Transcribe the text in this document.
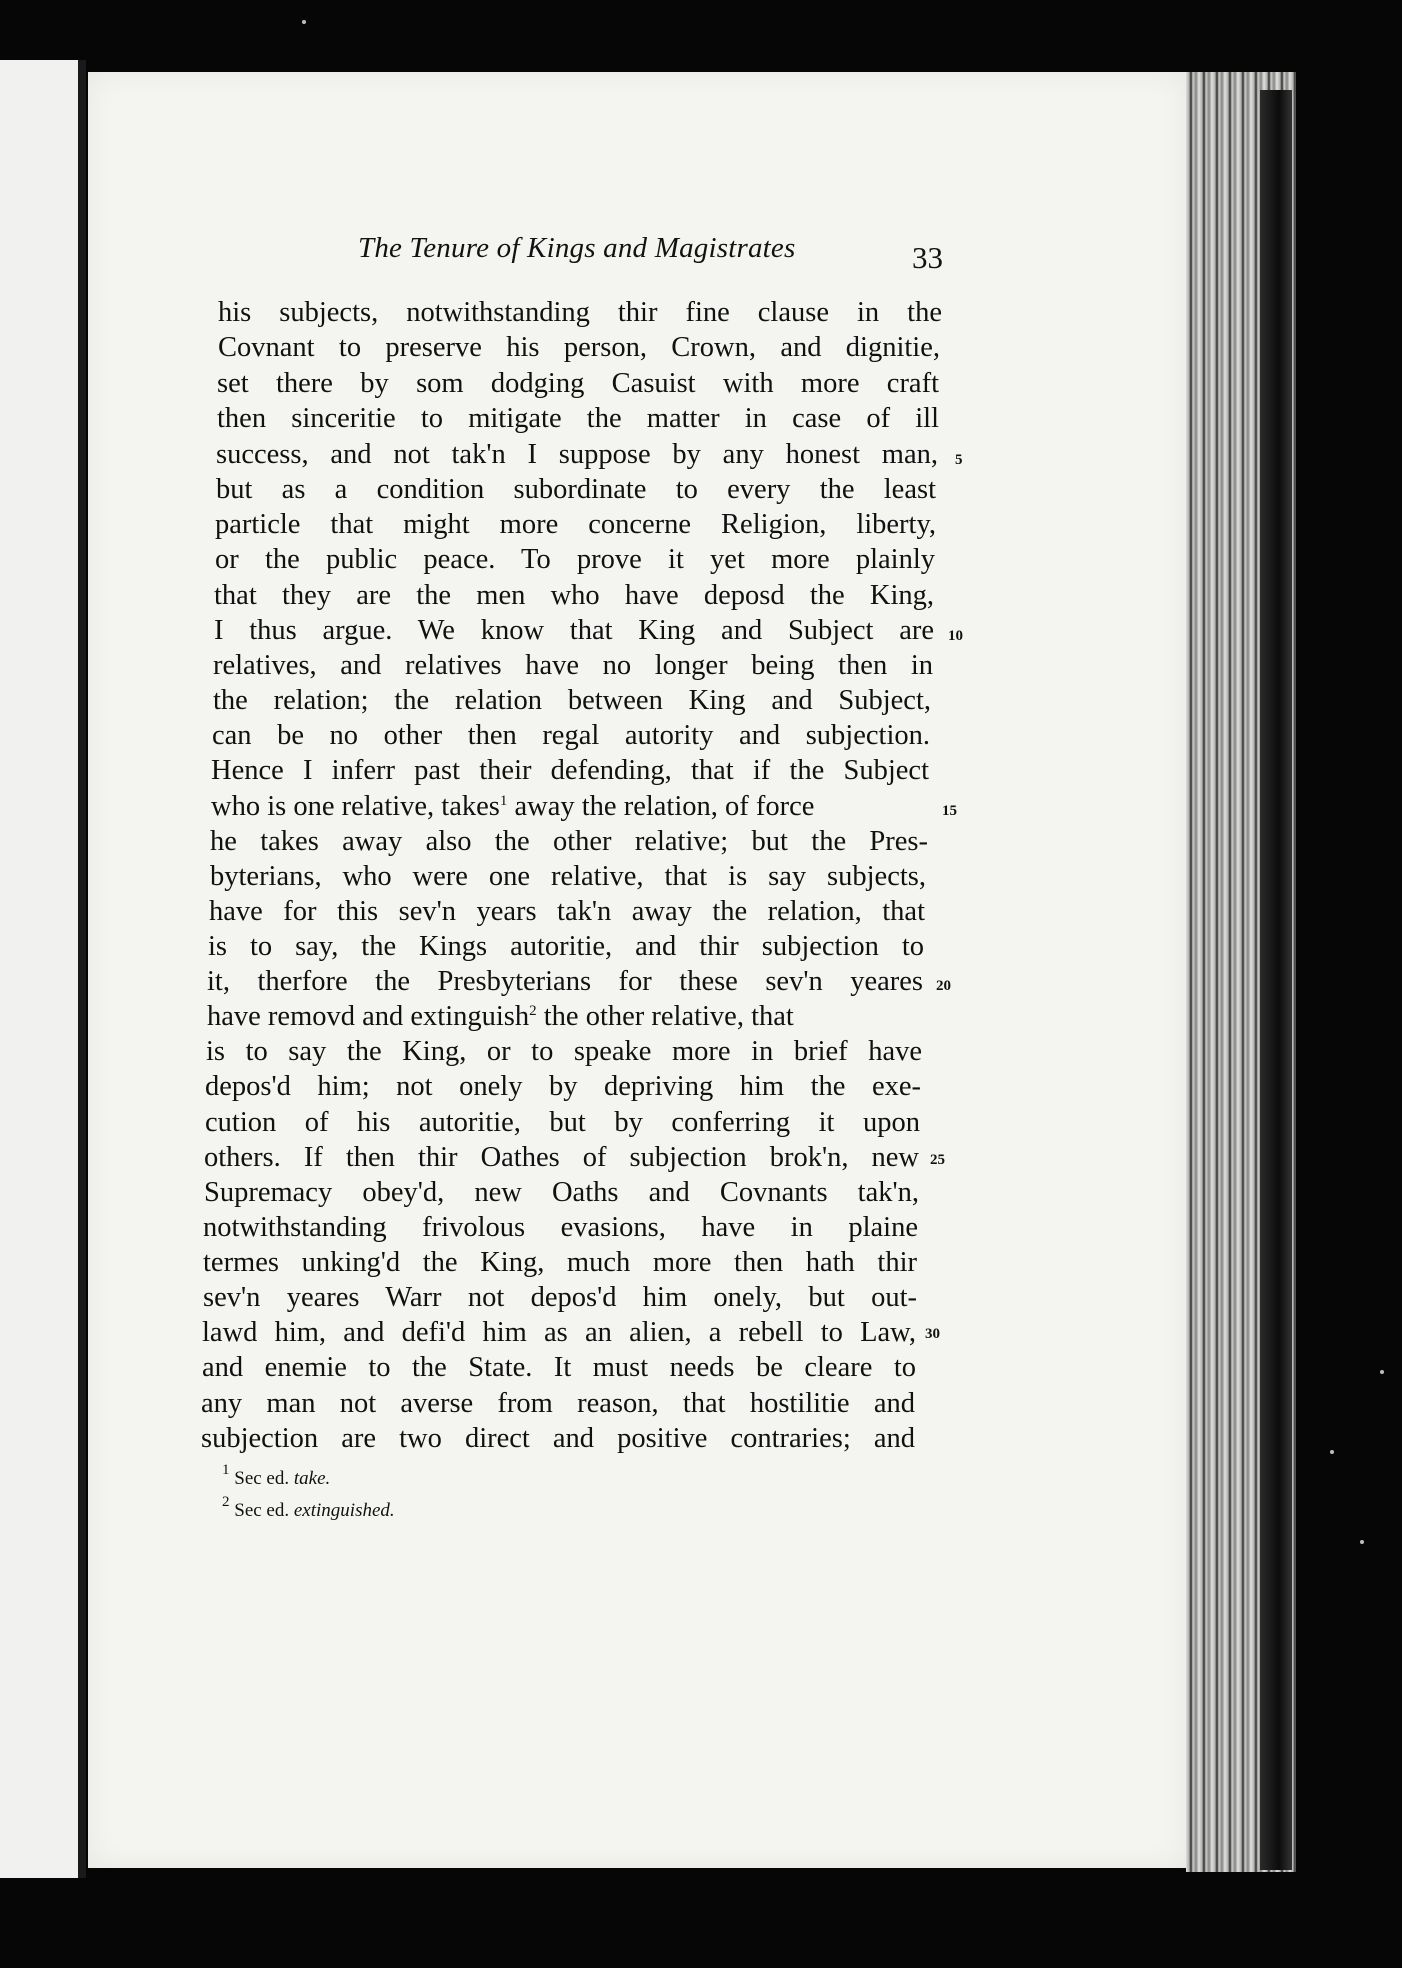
The Tenure of Kings and Magistrates	33
his subjects, notwithstanding thir fine clause in the
Covnant to preserve his person, Crown, and dignitie,
set there by som dodging Casuist with more craft
then sinceritie to mitigate the matter in case of ill
success, and not tak'n I suppose by any honest man,
but as a condition subordinate to every the least
particle that might more concerne Religion, liberty,
or the public peace. To prove it yet more plainly
that they are the men who have deposd the King,
I thus argue. We know that King and Subject are
relatives, and relatives have no longer being then in
the relation; the relation between King and Subject,
can be no other then regal autority and subjection.
Hence I inferr past their defending, that if the Subject
who is one relative, takes$^1$ away the relation, of force
he takes away also the other relative; but the Pres-
byterians, who were one relative, that is say subjects,
have for this sev'n years tak'n away the relation, that
is to say, the Kings autoritie, and thir subjection to
it, therfore the Presbyterians for these sev'n yeares
have removd and extinguish$^2$ the other relative, that
is to say the King, or to speake more in brief have
depos'd him; not onely by depriving him the exe-
cution of his autoritie, but by conferring it upon
others. If then thir Oathes of subjection brok'n, new
Supremacy obey'd, new Oaths and Covnants tak'n,
notwithstanding frivolous evasions, have in plaine
termes unking'd the King, much more then hath thir
sev'n yeares Warr not depos'd him onely, but out-
lawd him, and defi'd him as an alien, a rebell to Law,
and enemie to the State. It must needs be cleare to
any man not averse from reason, that hostilitie and
subjection are two direct and positive contraries; and
5
10
15
20
25
30
$^1$ Sec ed. take.
$^2$ Sec ed. extinguished.
